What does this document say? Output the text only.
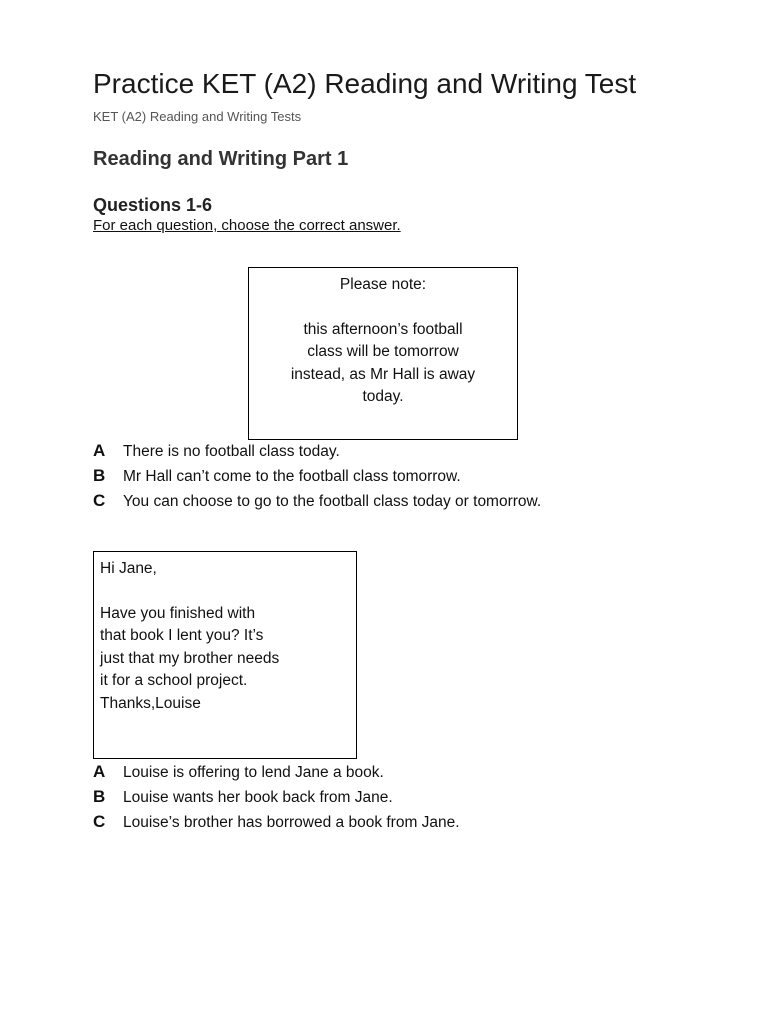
Practice KET (A2) Reading and Writing Test
KET (A2) Reading and Writing Tests
Reading and Writing Part 1
Questions 1-6
For each question, choose the correct answer.
Please note:
this afternoon’s football
class will be tomorrow
instead, as Mr Hall is away
today.
A	There is no football class today.
B	Mr Hall can’t come to the football class tomorrow.
C	You can choose to go to the football class today or tomorrow.
Hi Jane,
Have you finished with
that book I lent you? It’s
just that my brother needs
it for a school project.
Thanks,Louise
A	Louise is offering to lend Jane a book.
B	Louise wants her book back from Jane.
C	Louise’s brother has borrowed a book from Jane.
